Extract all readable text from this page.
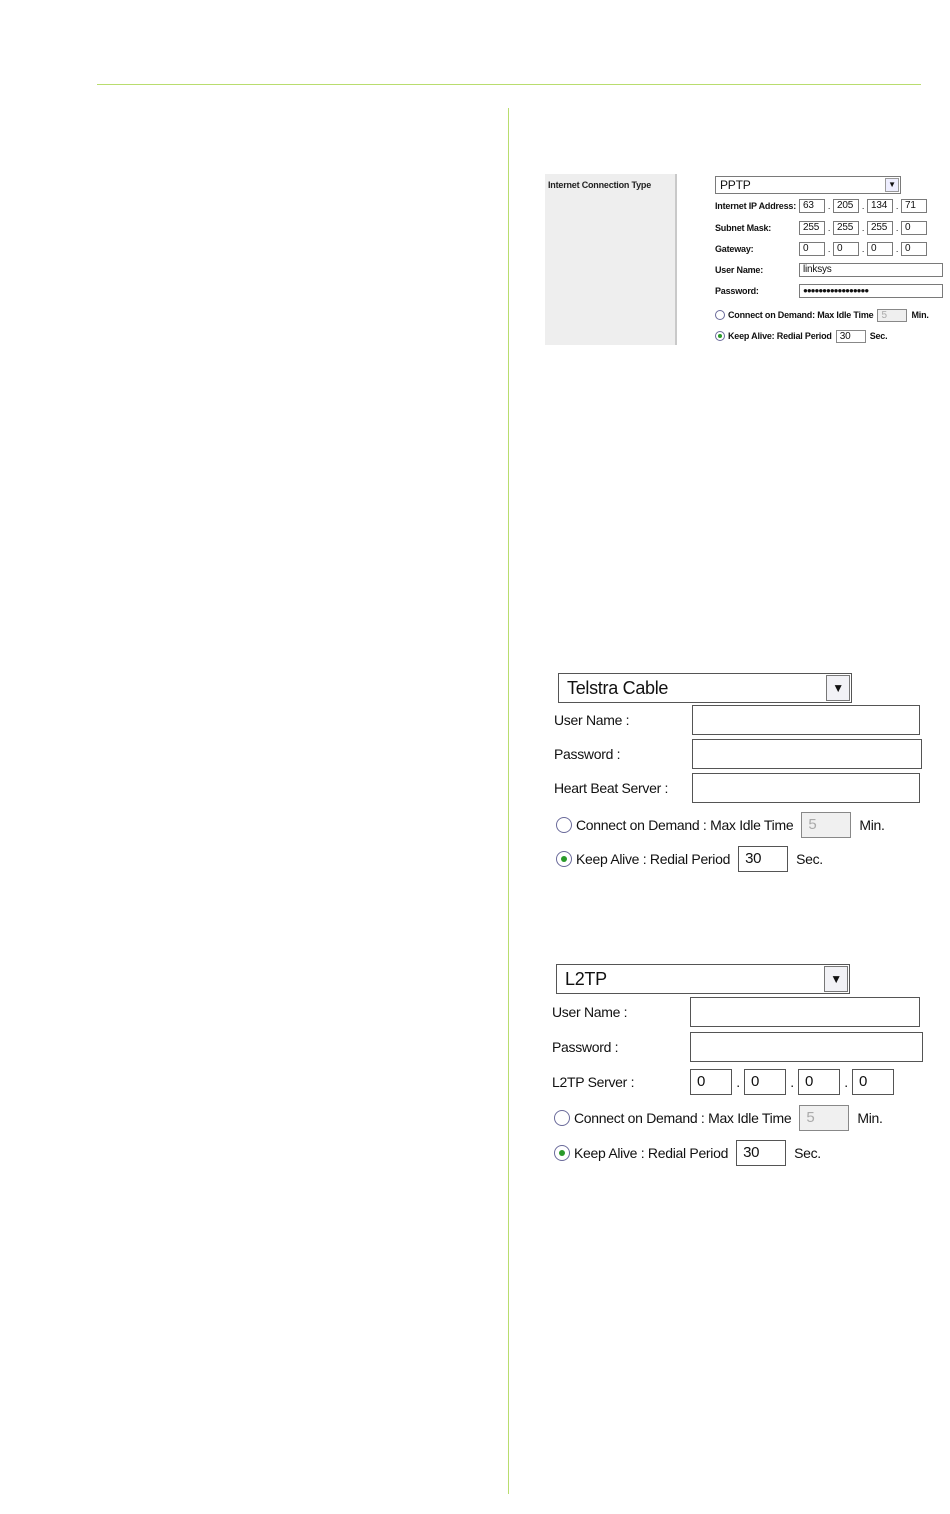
Internet Connection Type	PPTP	▼
Internet IP Address: 63	. 205 . 134 . 71
Subnet Mask:	255 . 255 . 255 . 0
Gateway:	0	. 0	. 0	. 0
User Name:	linksys
Password:	●●●●●●●●●●●●●●●●●
Connect on Demand: Max Idle Time 5	Min.
Keep Alive: Redial Period 30	Sec.
Telstra Cable	▼
User Name :
Password :
Heart Beat Server :
Connect on Demand : Max Idle Time	5	Min.
Keep Alive : Redial Period	30	Sec.
L2TP	▼
User Name :
Password :
L2TP Server :	0	. 0	. 0	. 0
Connect on Demand : Max Idle Time	5	Min.
Keep Alive : Redial Period	30	Sec.
